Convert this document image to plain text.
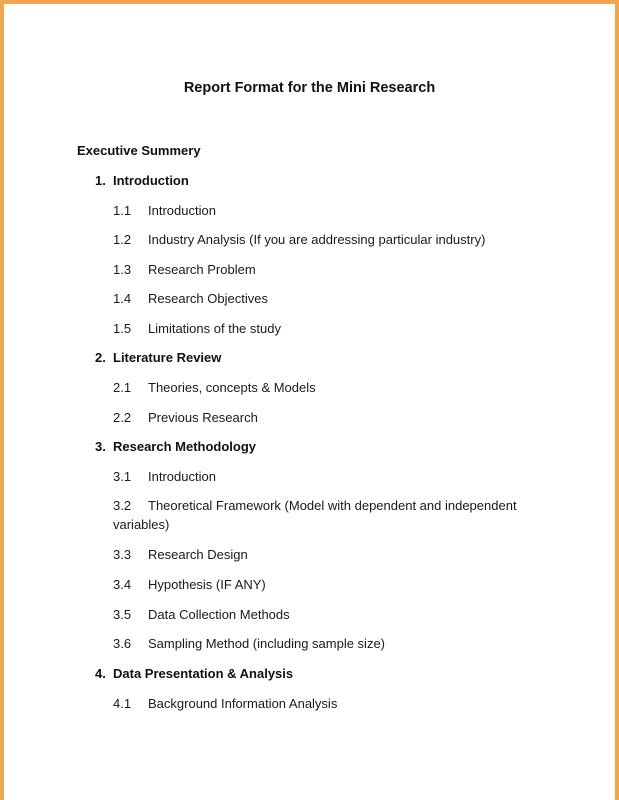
Report Format for the Mini Research
Executive Summery
1. Introduction
1.1 Introduction
1.2 Industry Analysis (If you are addressing particular industry)
1.3 Research Problem
1.4 Research Objectives
1.5 Limitations of the study
2. Literature Review
2.1 Theories, concepts & Models
2.2 Previous Research
3. Research Methodology
3.1 Introduction
3.2 Theoretical Framework (Model with dependent and independent variables)
3.3 Research Design
3.4 Hypothesis (IF ANY)
3.5 Data Collection Methods
3.6 Sampling Method (including sample size)
4. Data Presentation & Analysis
4.1 Background Information Analysis
